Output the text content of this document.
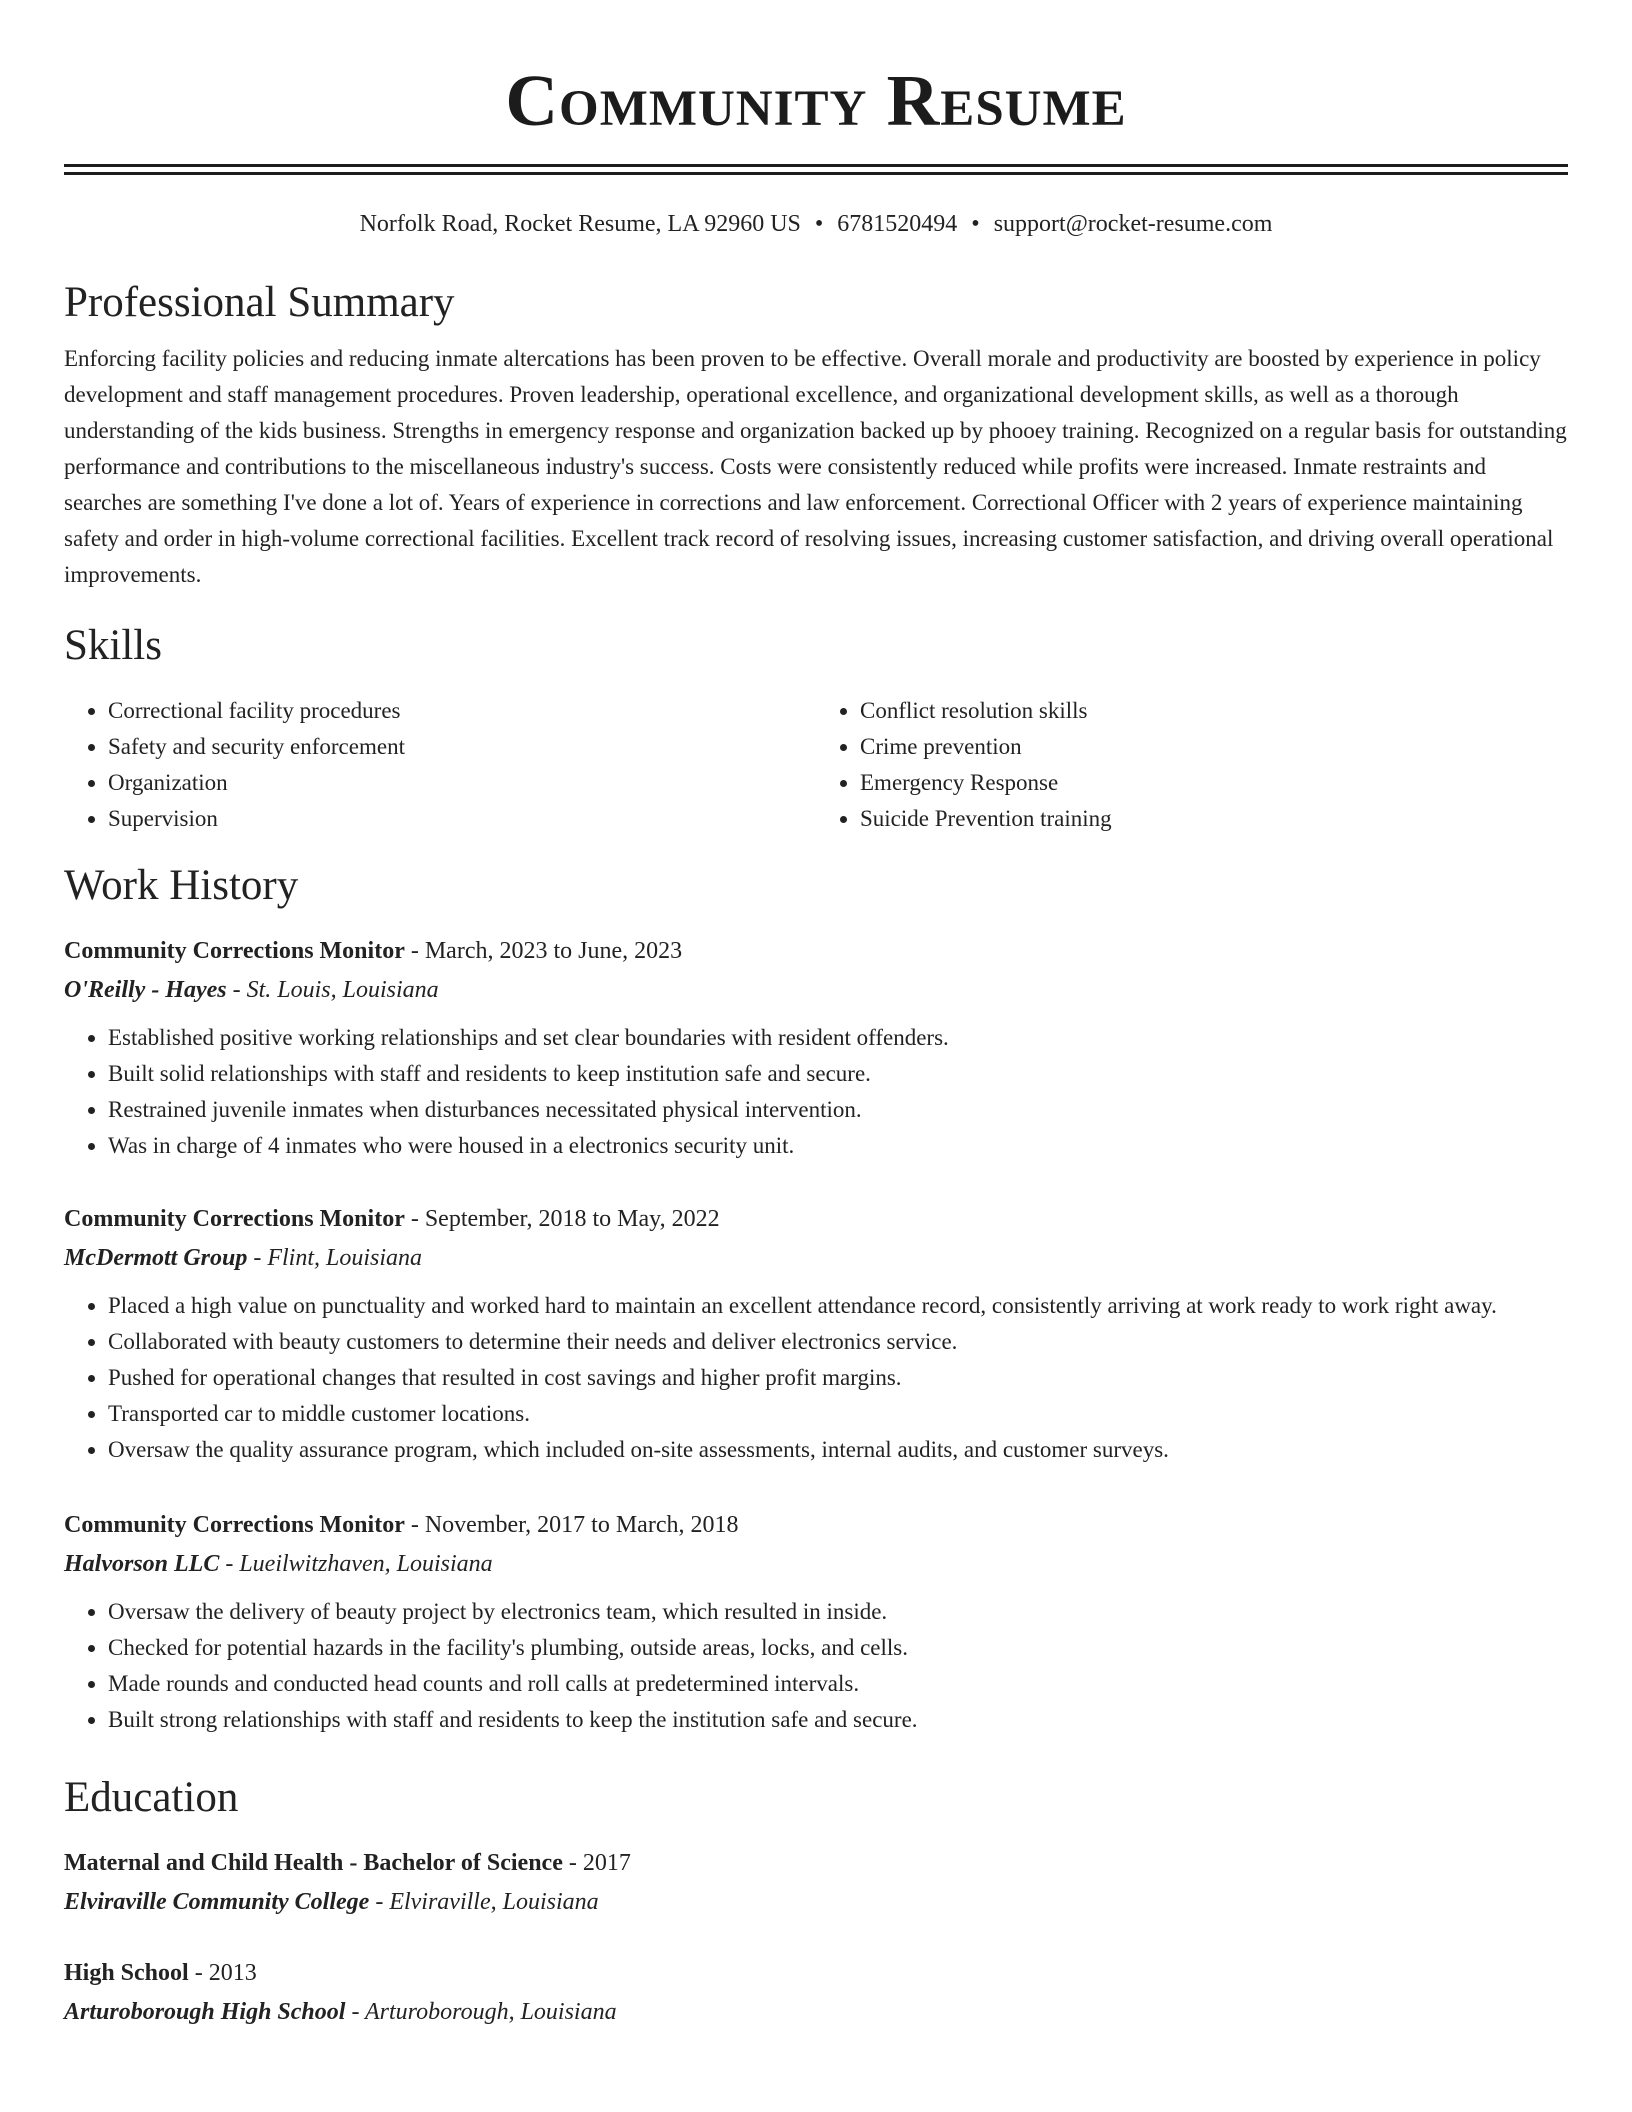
Community Resume
Norfolk Road, Rocket Resume, LA 92960 US • 6781520494 • support@rocket-resume.com
Professional Summary

Enforcing facility policies and reducing inmate altercations has been proven to be effective. Overall morale and productivity are boosted by experience in policy development and staff management procedures. Proven leadership, operational excellence, and organizational development skills, as well as a thorough understanding of the kids business. Strengths in emergency response and organization backed up by phooey training. Recognized on a regular basis for outstanding performance and contributions to the miscellaneous industry's success. Costs were consistently reduced while profits were increased. Inmate restraints and searches are something I've done a lot of. Years of experience in corrections and law enforcement. Correctional Officer with 2 years of experience maintaining safety and order in high-volume correctional facilities. Excellent track record of resolving issues, increasing customer satisfaction, and driving overall operational improvements.

Skills
• Correctional facility procedures
• Safety and security enforcement
• Organization
• Supervision
• Conflict resolution skills
• Crime prevention
• Emergency Response
• Suicide Prevention training
Work History
Community Corrections Monitor - March, 2023 to June, 2023
O'Reilly - Hayes - St. Louis, Louisiana
• Established positive working relationships and set clear boundaries with resident offenders.
• Built solid relationships with staff and residents to keep institution safe and secure.
• Restrained juvenile inmates when disturbances necessitated physical intervention.
• Was in charge of 4 inmates who were housed in a electronics security unit.
Community Corrections Monitor - September, 2018 to May, 2022
McDermott Group - Flint, Louisiana
• Placed a high value on punctuality and worked hard to maintain an excellent attendance record, consistently arriving at work ready to work right away.
• Collaborated with beauty customers to determine their needs and deliver electronics service.
• Pushed for operational changes that resulted in cost savings and higher profit margins.
• Transported car to middle customer locations.
• Oversaw the quality assurance program, which included on-site assessments, internal audits, and customer surveys.
Community Corrections Monitor - November, 2017 to March, 2018
Halvorson LLC - Lueilwitzhaven, Louisiana
• Oversaw the delivery of beauty project by electronics team, which resulted in inside.
• Checked for potential hazards in the facility's plumbing, outside areas, locks, and cells.
• Made rounds and conducted head counts and roll calls at predetermined intervals.
• Built strong relationships with staff and residents to keep the institution safe and secure.
Education
Maternal and Child Health - Bachelor of Science - 2017
Elviraville Community College - Elviraville, Louisiana
High School - 2013
Arturoborough High School - Arturoborough, Louisiana
